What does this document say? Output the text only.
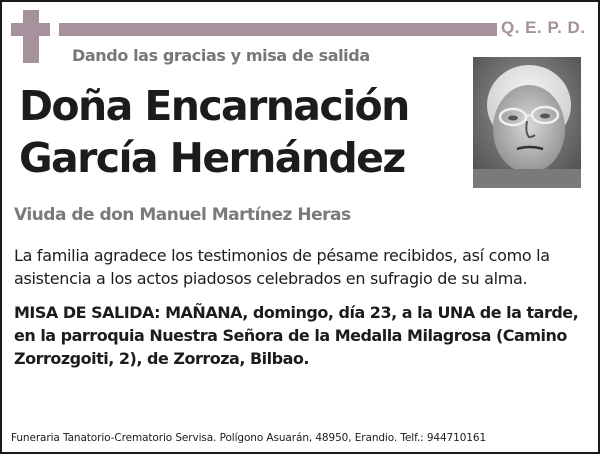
Q. E. P. D.
Dando las gracias y misa de salida
Doña Encarnación
García Hernández
Viuda de don Manuel Martínez Heras
La familia agradece los testimonios de pésame recibidos, así como la asistencia a los actos piadosos celebrados en sufragio de su alma.
MISA DE SALIDA: MAÑANA, domingo, día 23, a la UNA de la tarde, en la parroquia Nuestra Señora de la Medalla Milagrosa (Camino Zorrozgoiti, 2), de Zorroza, Bilbao.
Funeraria Tanatorio-Crematorio Servisa. Polígono Asuarán, 48950, Erandio. Telf.: 944710161
